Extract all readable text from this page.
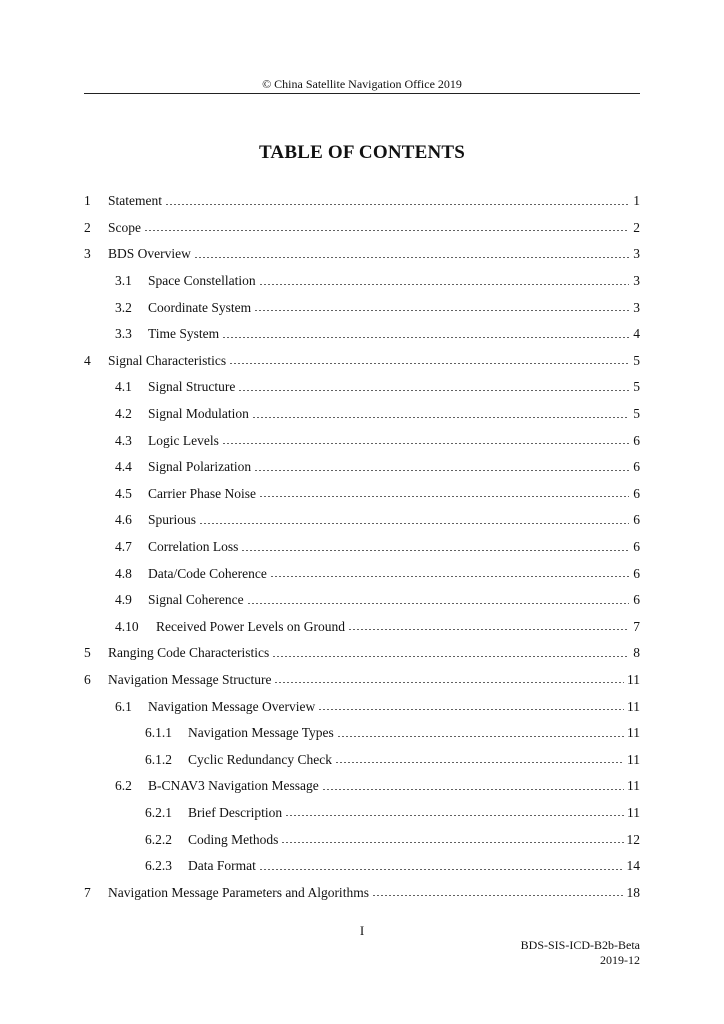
© China Satellite Navigation Office 2019
TABLE OF CONTENTS
1	Statement	1
2	Scope	2
3	BDS Overview	3
3.1	Space Constellation	3
3.2	Coordinate System	3
3.3	Time System	4
4	Signal Characteristics	5
4.1	Signal Structure	5
4.2	Signal Modulation	5
4.3	Logic Levels	6
4.4	Signal Polarization	6
4.5	Carrier Phase Noise	6
4.6	Spurious	6
4.7	Correlation Loss	6
4.8	Data/Code Coherence	6
4.9	Signal Coherence	6
4.10	Received Power Levels on Ground	7
5	Ranging Code Characteristics	8
6	Navigation Message Structure	11
6.1	Navigation Message Overview	11
6.1.1	Navigation Message Types	11
6.1.2	Cyclic Redundancy Check	11
6.2	B-CNAV3 Navigation Message	11
6.2.1	Brief Description	11
6.2.2	Coding Methods	12
6.2.3	Data Format	14
7	Navigation Message Parameters and Algorithms	18
I
BDS-SIS-ICD-B2b-Beta
2019-12
